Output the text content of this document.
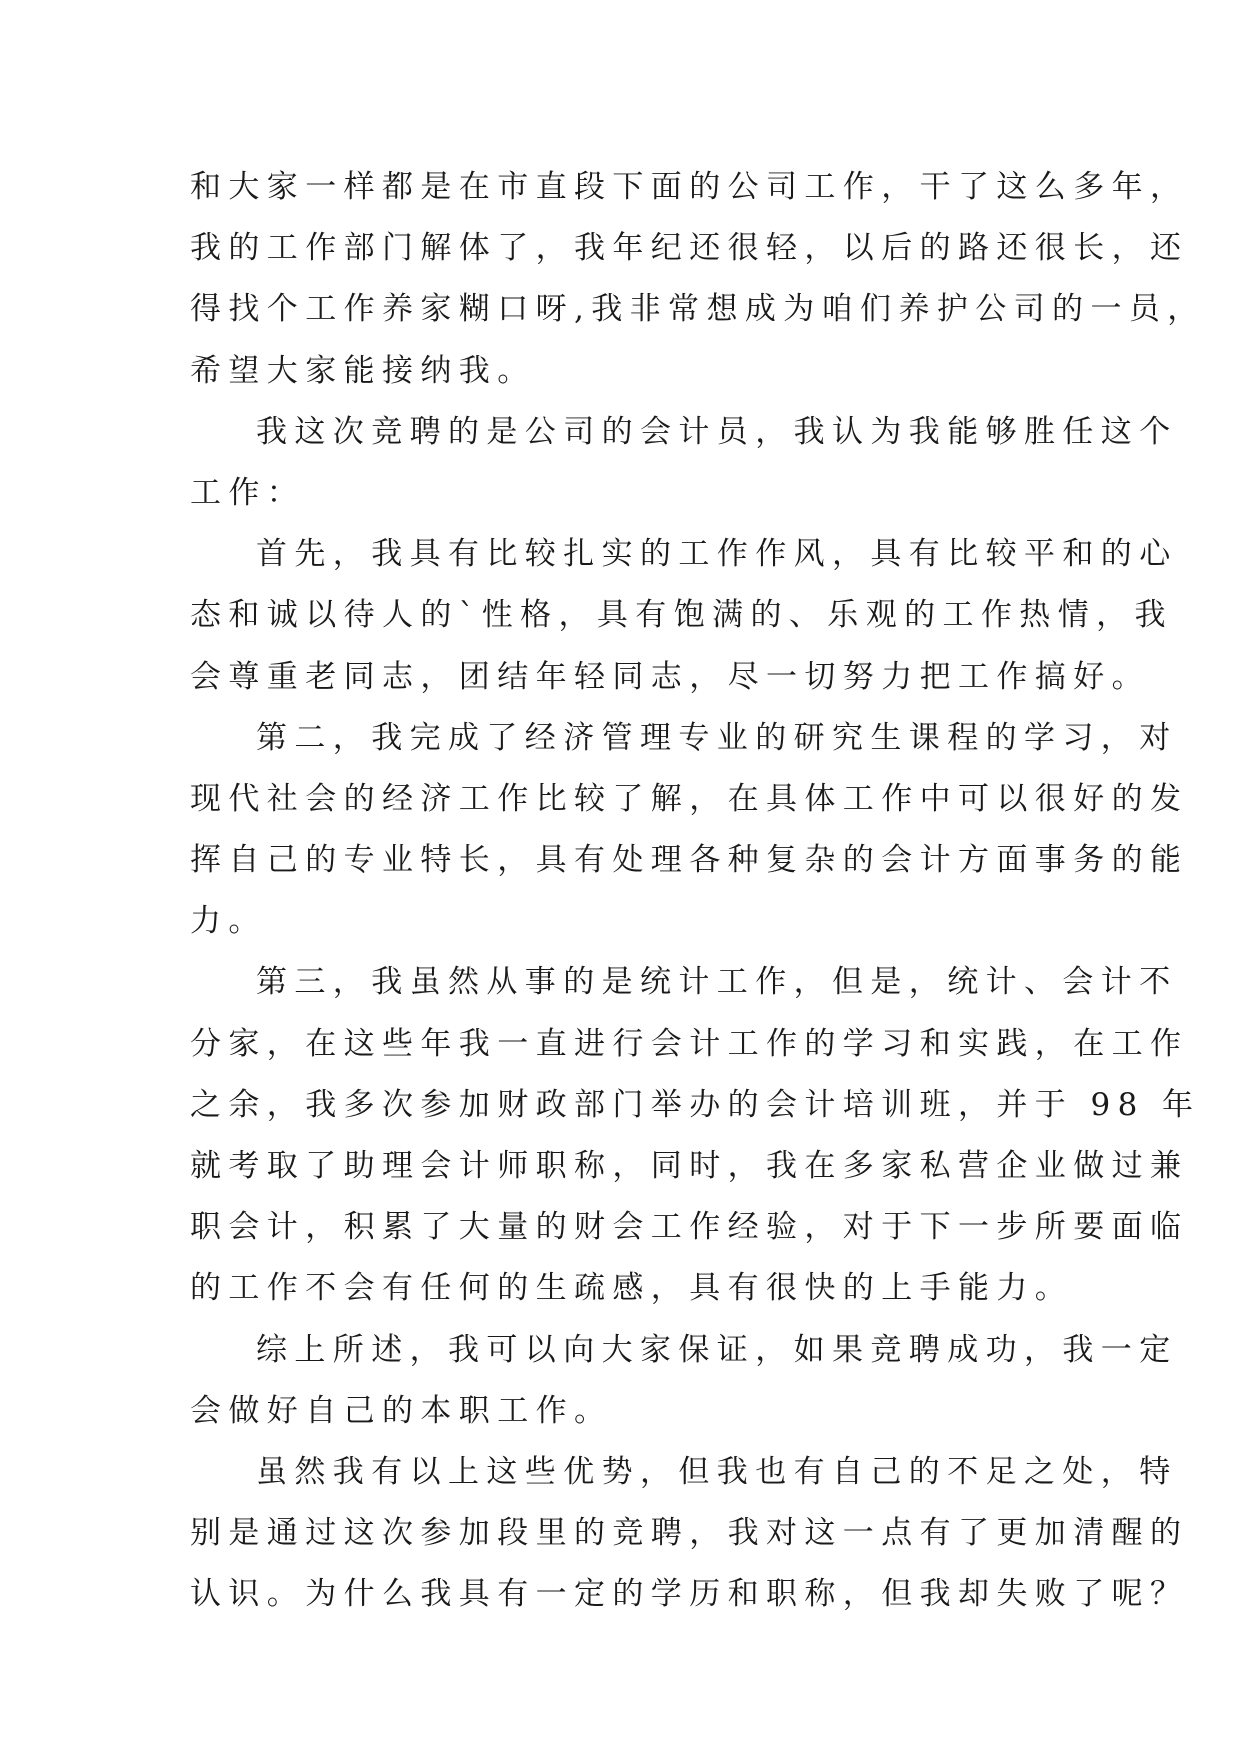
和大家一样都是在市直段下面的公司工作，干了这么多年，
我的工作部门解体了，我年纪还很轻，以后的路还很长，还
得找个工作养家糊口呀,我非常想成为咱们养护公司的一员，
希望大家能接纳我。
我这次竞聘的是公司的会计员，我认为我能够胜任这个
工作：
首先，我具有比较扎实的工作作风，具有比较平和的心
态和诚以待人的`性格，具有饱满的、乐观的工作热情，我
会尊重老同志，团结年轻同志，尽一切努力把工作搞好。
第二，我完成了经济管理专业的研究生课程的学习，对
现代社会的经济工作比较了解，在具体工作中可以很好的发
挥自己的专业特长，具有处理各种复杂的会计方面事务的能
力。
第三，我虽然从事的是统计工作，但是，统计、会计不
分家，在这些年我一直进行会计工作的学习和实践，在工作
之余，我多次参加财政部门举办的会计培训班，并于 98 年
就考取了助理会计师职称，同时，我在多家私营企业做过兼
职会计，积累了大量的财会工作经验，对于下一步所要面临
的工作不会有任何的生疏感，具有很快的上手能力。
综上所述，我可以向大家保证，如果竞聘成功，我一定
会做好自己的本职工作。
虽然我有以上这些优势，但我也有自己的不足之处，特
别是通过这次参加段里的竞聘，我对这一点有了更加清醒的
认识。为什么我具有一定的学历和职称，但我却失败了呢？
